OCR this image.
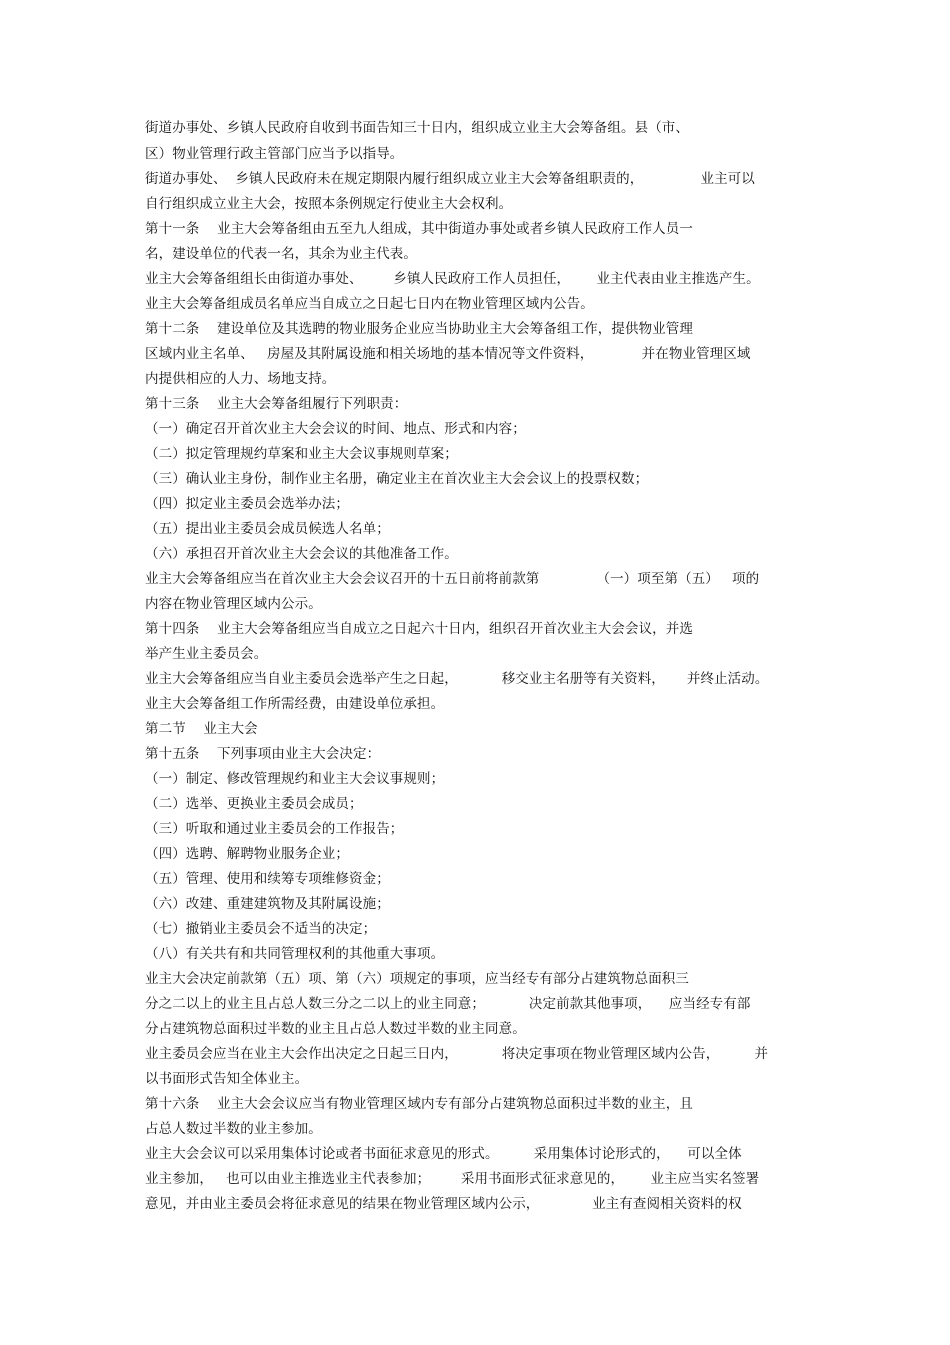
街道办事处、乡镇人民政府自收到书面告知三十日内，组织成立业主大会筹备组。县（市、
区）物业管理行政主管部门应当予以指导。
街道办事处、  乡镇人民政府未在规定期限内履行组织成立业主大会筹备组职责的，             业主可以
自行组织成立业主大会，按照本条例规定行使业主大会权利。
第十一条    业主大会筹备组由五至九人组成，其中街道办事处或者乡镇人民政府工作人员一
名，建设单位的代表一名，其余为业主代表。
业主大会筹备组组长由街道办事处、       乡镇人民政府工作人员担任，      业主代表由业主推选产生。
业主大会筹备组成员名单应当自成立之日起七日内在物业管理区域内公告。
第十二条    建设单位及其选聘的物业服务企业应当协助业主大会筹备组工作，提供物业管理
区域内业主名单、   房屋及其附属设施和相关场地的基本情况等文件资料，           并在物业管理区域
内提供相应的人力、场地支持。
第十三条    业主大会筹备组履行下列职责：
（一）确定召开首次业主大会会议的时间、地点、形式和内容；
（二）拟定管理规约草案和业主大会议事规则草案；
（三）确认业主身份，制作业主名册，确定业主在首次业主大会会议上的投票权数；
（四）拟定业主委员会选举办法；
（五）提出业主委员会成员候选人名单；
（六）承担召开首次业主大会会议的其他准备工作。
业主大会筹备组应当在首次业主大会会议召开的十五日前将前款第             （一）项至第（五）   项的
内容在物业管理区域内公示。
第十四条    业主大会筹备组应当自成立之日起六十日内，组织召开首次业主大会会议，并选
举产生业主委员会。
业主大会筹备组应当自业主委员会选举产生之日起，          移交业主名册等有关资料，     并终止活动。
业主大会筹备组工作所需经费，由建设单位承担。
第二节    业主大会
第十五条    下列事项由业主大会决定：
（一）制定、修改管理规约和业主大会议事规则；
（二）选举、更换业主委员会成员；
（三）听取和通过业主委员会的工作报告；
（四）选聘、解聘物业服务企业；
（五）管理、使用和续筹专项维修资金；
（六）改建、重建建筑物及其附属设施；
（七）撤销业主委员会不适当的决定；
（八）有关共有和共同管理权利的其他重大事项。
业主大会决定前款第（五）项、第（六）项规定的事项，应当经专有部分占建筑物总面积三
分之二以上的业主且占总人数三分之二以上的业主同意；          决定前款其他事项，    应当经专有部
分占建筑物总面积过半数的业主且占总人数过半数的业主同意。
业主委员会应当在业主大会作出决定之日起三日内，          将决定事项在物业管理区域内公告，        并
以书面形式告知全体业主。
第十六条    业主大会会议应当有物业管理区域内专有部分占建筑物总面积过半数的业主，且
占总人数过半数的业主参加。
业主大会会议可以采用集体讨论或者书面征求意见的形式。        采用集体讨论形式的，    可以全体
业主参加，   也可以由业主推选业主代表参加；       采用书面形式征求意见的，      业主应当实名签署
意见，并由业主委员会将征求意见的结果在物业管理区域内公示，            业主有查阅相关资料的权
